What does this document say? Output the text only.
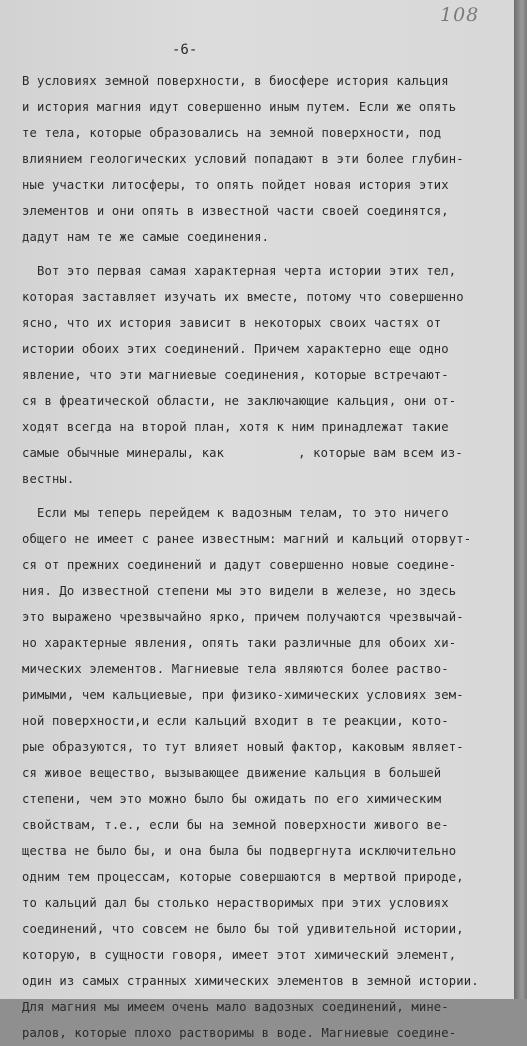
108
-6-
В условиях земной поверхности, в биосфере история кальция
и история магния идут совершенно иным путем. Если же опять
те тела, которые образовались на земной поверхности, под
влиянием геологических условий попадают в эти более глубин-
ные участки литосферы, то опять пойдет новая история этих
элементов и они опять в известной части своей соединятся,
дадут нам те же самые соединения.
Вот это первая самая характерная черта истории этих тел,
которая заставляет изучать их вместе, потому что совершенно
ясно, что их история зависит в некоторых своих частях от
истории обоих этих соединений. Причем характерно еще одно
явление, что эти магниевые соединения, которые встречают-
ся в фреатической области, не заключающие кальция, они от-
ходят всегда на второй план, хотя к ним принадлежат такие
самые обычные минералы, как	, которые вам всем из-
вестны.
Если мы теперь перейдем к вадозным телам, то это ничего
общего не имеет с ранее известным: магний и кальций оторвут-
ся от прежних соединений и дадут совершенно новые соедине-
ния. До известной степени мы это видели в железе, но здесь
это выражено чрезвычайно ярко, причем получаются чрезвычай-
но характерные явления, опять таки различные для обоих хи-
мических элементов. Магниевые тела являются более раство-
римыми, чем кальциевые, при физико-химических условиях зем-
ной поверхности,и если кальций входит в те реакции, кото-
рые образуются, то тут влияет новый фактор, каковым являет-
ся живое вещество, вызывающее движение кальция в большей
степени, чем это можно было бы ожидать по его химическим
свойствам, т.е., если бы на земной поверхности живого ве-
щества не было бы, и она была бы подвергнута исключительно
одним тем процессам, которые совершаются в мертвой природе,
то кальций дал бы столько нерастворимых при этих условиях
соединений, что совсем не было бы той удивительной истории,
которую, в сущности говоря, имеет этот химический элемент,
один из самых странных химических элементов в земной истории.
Для магния мы имеем очень мало вадозных соединений, мине-
ралов, которые плохо растворимы в воде. Магниевые соедине-
